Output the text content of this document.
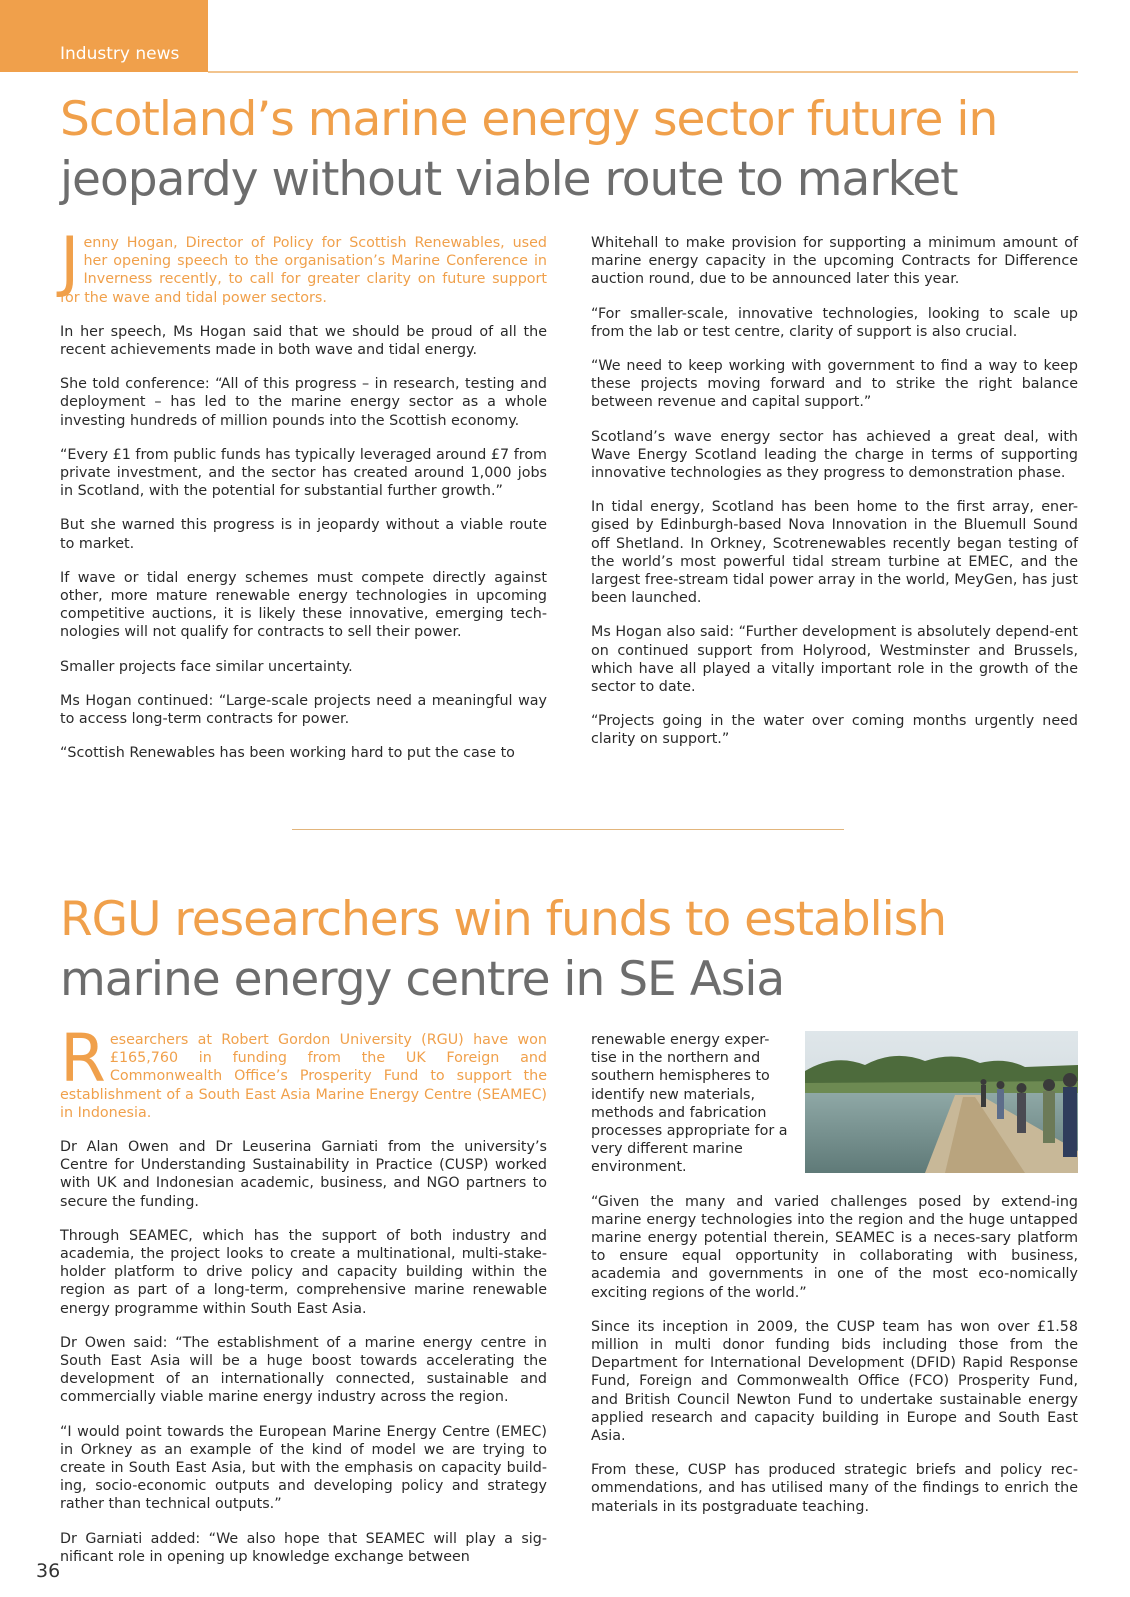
Industry news
Scotland’s marine energy sector future in
jeopardy without viable route to market

Jenny Hogan, Director of Policy for Scottish Renewables, used her opening speech to the organisation’s Marine Conference in Inverness recently, to call for greater clarity on future support for the wave and tidal power sectors.

In her speech, Ms Hogan said that we should be proud of all the recent achievements made in both wave and tidal energy.

She told conference: “All of this progress – in research, testing and deployment – has led to the marine energy sector as a whole investing hundreds of million pounds into the Scottish economy.

“Every £1 from public funds has typically leveraged around £7 from private investment, and the sector has created around 1,000 jobs in Scotland, with the potential for substantial further growth.”

But she warned this progress is in jeopardy without a viable route to market.

If wave or tidal energy schemes must compete directly against other, more mature renewable energy technologies in upcoming competitive auctions, it is likely these innovative, emerging tech-nologies will not qualify for contracts to sell their power.

Smaller projects face similar uncertainty.

Ms Hogan continued: “Large-scale projects need a meaningful way to access long-term contracts for power.

“Scottish Renewables has been working hard to put the case to

Whitehall to make provision for supporting a minimum amount of marine energy capacity in the upcoming Contracts for Difference auction round, due to be announced later this year.

“For smaller-scale, innovative technologies, looking to scale up from the lab or test centre, clarity of support is also crucial.

“We need to keep working with government to find a way to keep these projects moving forward and to strike the right balance between revenue and capital support.”

Scotland’s wave energy sector has achieved a great deal, with Wave Energy Scotland leading the charge in terms of supporting innovative technologies as they progress to demonstration phase.

In tidal energy, Scotland has been home to the first array, ener-gised by Edinburgh-based Nova Innovation in the Bluemull Sound off Shetland. In Orkney, Scotrenewables recently began testing of the world’s most powerful tidal stream turbine at EMEC, and the largest free-stream tidal power array in the world, MeyGen, has just been launched.

Ms Hogan also said: “Further development is absolutely depend-ent on continued support from Holyrood, Westminster and Brussels, which have all played a vitally important role in the growth of the sector to date.

“Projects going in the water over coming months urgently need clarity on support.”

RGU researchers win funds to establish
marine energy centre in SE Asia

Researchers at Robert Gordon University (RGU) have won £165,760 in funding from the UK Foreign and Commonwealth Office’s Prosperity Fund to support the establishment of a South East Asia Marine Energy Centre (SEAMEC) in Indonesia.

Dr Alan Owen and Dr Leuserina Garniati from the university’s Centre for Understanding Sustainability in Practice (CUSP) worked with UK and Indonesian academic, business, and NGO partners to secure the funding.

Through SEAMEC, which has the support of both industry and academia, the project looks to create a multinational, multi-stake-holder platform to drive policy and capacity building within the region as part of a long-term, comprehensive marine renewable energy programme within South East Asia.

Dr Owen said: “The establishment of a marine energy centre in South East Asia will be a huge boost towards accelerating the development of an internationally connected, sustainable and commercially viable marine energy industry across the region.

“I would point towards the European Marine Energy Centre (EMEC) in Orkney as an example of the kind of model we are trying to create in South East Asia, but with the emphasis on capacity build-ing, socio-economic outputs and developing policy and strategy rather than technical outputs.”

Dr Garniati added: “We also hope that SEAMEC will play a sig-nificant role in opening up knowledge exchange between

renewable energy exper-tise in the northern and southern hemispheres to identify new materials, methods and fabrication processes appropriate for a very different marine environment.

“Given the many and varied challenges posed by extend-ing marine energy technologies into the region and the huge untapped marine energy potential therein, SEAMEC is a neces-sary platform to ensure equal opportunity in collaborating with business, academia and governments in one of the most eco-nomically exciting regions of the world.”

Since its inception in 2009, the CUSP team has won over £1.58 million in multi donor funding bids including those from the Department for International Development (DFID) Rapid Response Fund, Foreign and Commonwealth Office (FCO) Prosperity Fund, and British Council Newton Fund to undertake sustainable energy applied research and capacity building in Europe and South East Asia.

From these, CUSP has produced strategic briefs and policy rec-ommendations, and has utilised many of the findings to enrich the materials in its postgraduate teaching.

36
